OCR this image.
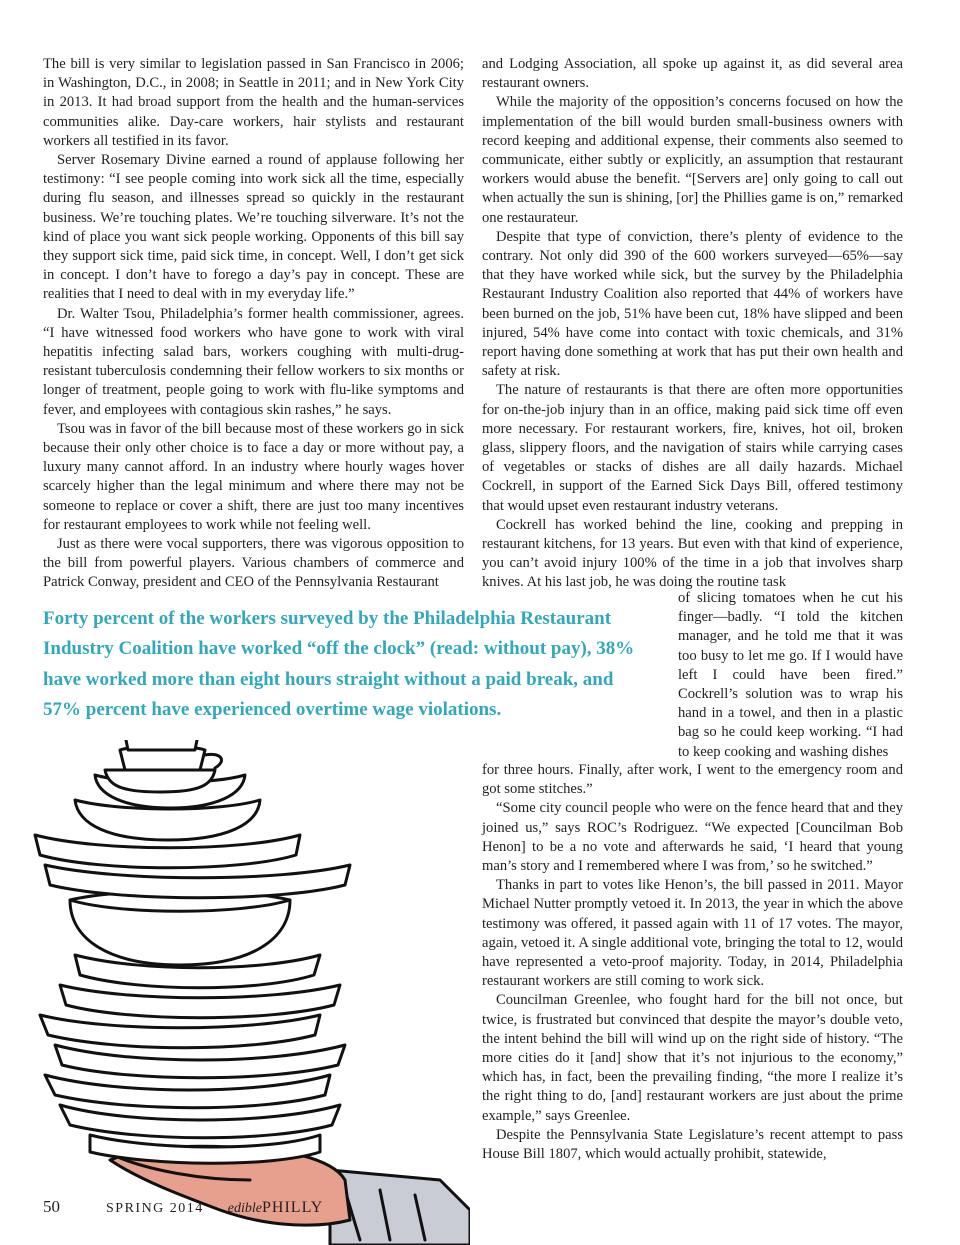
The bill is very similar to legislation passed in San Francisco in 2006; in Washington, D.C., in 2008; in Seattle in 2011; and in New York City in 2013. It had broad support from the health and the human-services communities alike. Day-care workers, hair stylists and restaurant workers all testified in its favor.

Server Rosemary Divine earned a round of applause following her testimony: “I see people coming into work sick all the time, especially during flu season, and illnesses spread so quickly in the restaurant business. We’re touching plates. We’re touching silverware. It’s not the kind of place you want sick people working. Opponents of this bill say they support sick time, paid sick time, in concept. Well, I don’t get sick in concept. I don’t have to forego a day’s pay in concept. These are realities that I need to deal with in my everyday life.”

Dr. Walter Tsou, Philadelphia’s former health commissioner, agrees. “I have witnessed food workers who have gone to work with viral hepatitis infecting salad bars, workers coughing with multi-drug-resistant tuberculosis condemning their fellow workers to six months or longer of treatment, people going to work with flu-like symptoms and fever, and employees with contagious skin rashes,” he says.

Tsou was in favor of the bill because most of these workers go in sick because their only other choice is to face a day or more without pay, a luxury many cannot afford. In an industry where hourly wages hover scarcely higher than the legal minimum and where there may not be someone to replace or cover a shift, there are just too many incentives for restaurant employees to work while not feeling well.

Just as there were vocal supporters, there was vigorous opposition to the bill from powerful players. Various chambers of commerce and Patrick Conway, president and CEO of the Pennsylvania Restaurant

and Lodging Association, all spoke up against it, as did several area restaurant owners.

While the majority of the opposition’s concerns focused on how the implementation of the bill would burden small-business owners with record keeping and additional expense, their comments also seemed to communicate, either subtly or explicitly, an assumption that restaurant workers would abuse the benefit. “[Servers are] only going to call out when actually the sun is shining, [or] the Phillies game is on,” remarked one restaurateur.

Despite that type of conviction, there’s plenty of evidence to the contrary. Not only did 390 of the 600 workers surveyed—65%—say that they have worked while sick, but the survey by the Philadelphia Restaurant Industry Coalition also reported that 44% of workers have been burned on the job, 51% have been cut, 18% have slipped and been injured, 54% have come into contact with toxic chemicals, and 31% report having done something at work that has put their own health and safety at risk.

The nature of restaurants is that there are often more opportunities for on-the-job injury than in an office, making paid sick time off even more necessary. For restaurant workers, fire, knives, hot oil, broken glass, slippery floors, and the navigation of stairs while carrying cases of vegetables or stacks of dishes are all daily hazards. Michael Cockrell, in support of the Earned Sick Days Bill, offered testimony that would upset even restaurant industry veterans.

Cockrell has worked behind the line, cooking and prepping in restaurant kitchens, for 13 years. But even with that kind of experience, you can’t avoid injury 100% of the time in a job that involves sharp knives. At his last job, he was doing the routine task

of slicing tomatoes when he cut his finger—badly. “I told the kitchen manager, and he told me that it was too busy to let me go. If I would have left I could have been fired.” Cockrell’s solution was to wrap his hand in a towel, and then in a plastic bag so he could keep working. “I had to keep cooking and washing dishes

Forty percent of the workers surveyed by the Philadelphia Restaurant Industry Coalition have worked “off the clock” (read: without pay), 38% have worked more than eight hours straight without a paid break, and 57% percent have experienced overtime wage violations.

for three hours. Finally, after work, I went to the emergency room and got some stitches.”

“Some city council people who were on the fence heard that and they joined us,” says ROC’s Rodriguez. “We expected [Councilman Bob Henon] to be a no vote and afterwards he said, ‘I heard that young man’s story and I remembered where I was from,’ so he switched.”

Thanks in part to votes like Henon’s, the bill passed in 2011. Mayor Michael Nutter promptly vetoed it. In 2013, the year in which the above testimony was offered, it passed again with 11 of 17 votes. The mayor, again, vetoed it. A single additional vote, bringing the total to 12, would have represented a veto-proof majority. Today, in 2014, Philadelphia restaurant workers are still coming to work sick.

Councilman Greenlee, who fought hard for the bill not once, but twice, is frustrated but convinced that despite the mayor’s double veto, the intent behind the bill will wind up on the right side of history. “The more cities do it [and] show that it’s not injurious to the economy,” which has, in fact, been the prevailing finding, “the more I realize it’s the right thing to do, [and] restaurant workers are just about the prime example,” says Greenlee.

Despite the Pennsylvania State Legislature’s recent attempt to pass House Bill 1807, which would actually prohibit, statewide,

50	SPRING 2014 edible PHILLY
